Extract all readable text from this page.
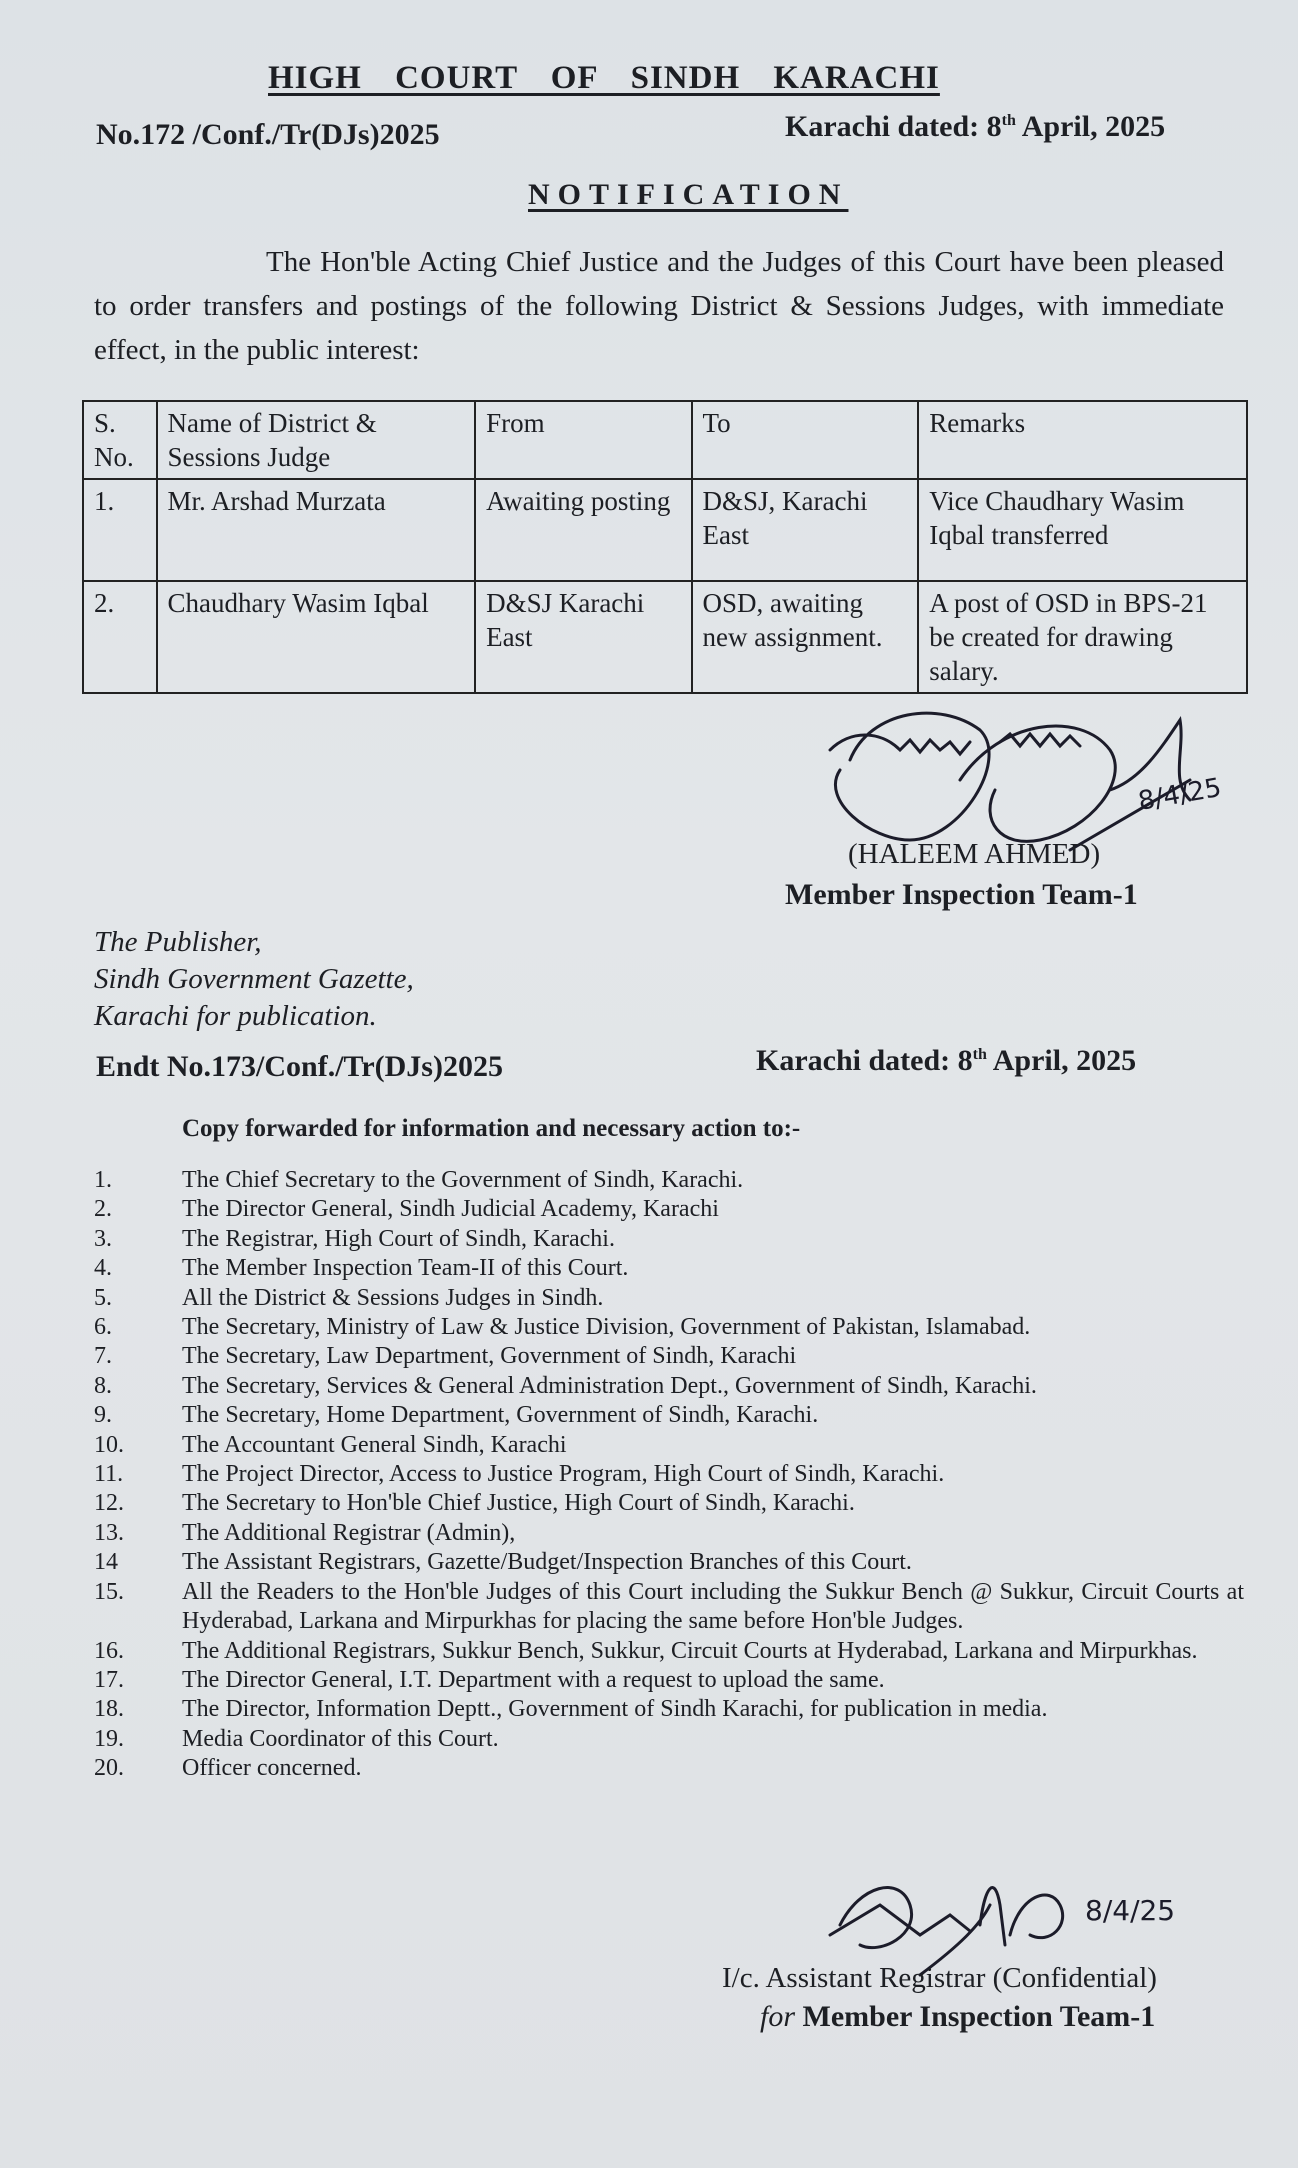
HIGH COURT OF SINDH KARACHI
No.172 /Conf./Tr(DJs)2025	Karachi dated: 8th April, 2025
NOTIFICATION
The Hon'ble Acting Chief Justice and the Judges of this Court have been pleased to order transfers and postings of the following District & Sessions Judges, with immediate effect, in the public interest:
S. No.	Name of District & Sessions Judge	From	To	Remarks
1.	Mr. Arshad Murzata	Awaiting posting	D&SJ, Karachi East	Vice Chaudhary Wasim Iqbal transferred
2.	Chaudhary Wasim Iqbal	D&SJ Karachi East	OSD, awaiting new assignment.	A post of OSD in BPS-21 be created for drawing salary.
8/4/25
(HALEEM AHMED)
Member Inspection Team-1
The Publisher,
Sindh Government Gazette,
Karachi for publication.
Endt No.173/Conf./Tr(DJs)2025	Karachi dated: 8th April, 2025
Copy forwarded for information and necessary action to:-
1.	The Chief Secretary to the Government of Sindh, Karachi.
2.	The Director General, Sindh Judicial Academy, Karachi
3.	The Registrar, High Court of Sindh, Karachi.
4.	The Member Inspection Team-II of this Court.
5.	All the District & Sessions Judges in Sindh.
6.	The Secretary, Ministry of Law & Justice Division, Government of Pakistan, Islamabad.
7.	The Secretary, Law Department, Government of Sindh, Karachi
8.	The Secretary, Services & General Administration Dept., Government of Sindh, Karachi.
9.	The Secretary, Home Department, Government of Sindh, Karachi.
10.	The Accountant General Sindh, Karachi
11.	The Project Director, Access to Justice Program, High Court of Sindh, Karachi.
12.	The Secretary to Hon'ble Chief Justice, High Court of Sindh, Karachi.
13.	The Additional Registrar (Admin),
14	The Assistant Registrars, Gazette/Budget/Inspection Branches of this Court.
15.	All the Readers to the Hon'ble Judges of this Court including the Sukkur Bench @ Sukkur, Circuit Courts at Hyderabad, Larkana and Mirpurkhas for placing the same before Hon'ble Judges.
16.	The Additional Registrars, Sukkur Bench, Sukkur, Circuit Courts at Hyderabad, Larkana and Mirpurkhas.
17.	The Director General, I.T. Department with a request to upload the same.
18.	The Director, Information Deptt., Government of Sindh Karachi, for publication in media.
19.	Media Coordinator of this Court.
20.	Officer concerned.
8/4/25
I/c. Assistant Registrar (Confidential)
for Member Inspection Team-1
